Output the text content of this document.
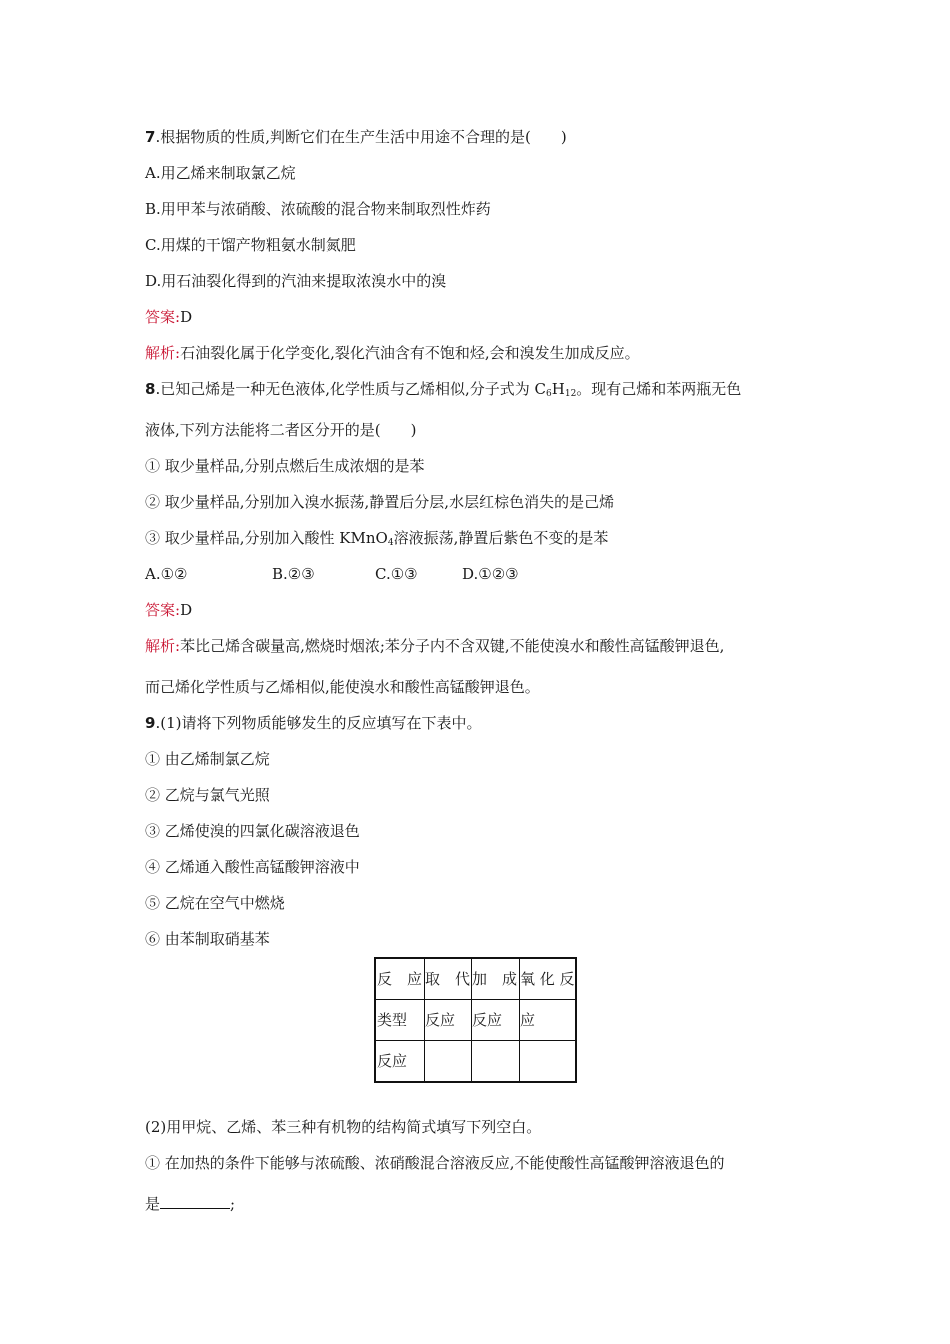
7.根据物质的性质,判断它们在生产生活中用途不合理的是(　　)
A.用乙烯来制取氯乙烷
B.用甲苯与浓硝酸、浓硫酸的混合物来制取烈性炸药
C.用煤的干馏产物粗氨水制氮肥
D.用石油裂化得到的汽油来提取浓溴水中的溴
答案:D
解析:石油裂化属于化学变化,裂化汽油含有不饱和烃,会和溴发生加成反应。
8.已知己烯是一种无色液体,化学性质与乙烯相似,分子式为 $C_6H_{12}$。现有己烯和苯两瓶无色
液体,下列方法能将二者区分开的是(　　)
① 取少量样品,分别点燃后生成浓烟的是苯
② 取少量样品,分别加入溴水振荡,静置后分层,水层红棕色消失的是己烯
③ 取少量样品,分别加入酸性 KMnO$_4$溶液振荡,静置后紫色不变的是苯
A.①②	B.②③	C.①③	D.①②③
答案:D
解析:苯比己烯含碳量高,燃烧时烟浓;苯分子内不含双键,不能使溴水和酸性高锰酸钾退色,
而己烯化学性质与乙烯相似,能使溴水和酸性高锰酸钾退色。
9.(1)请将下列物质能够发生的反应填写在下表中。
① 由乙烯制氯乙烷
② 乙烷与氯气光照
③ 乙烯使溴的四氯化碳溶液退色
④ 乙烯通入酸性高锰酸钾溶液中
⑤ 乙烷在空气中燃烧
⑥ 由苯制取硝基苯
反　应	取　代	加　成	氧 化 反

类型	反应	反应	应

反应			

(2)用甲烷、乙烯、苯三种有机物的结构简式填写下列空白。
① 在加热的条件下能够与浓硫酸、浓硝酸混合溶液反应,不能使酸性高锰酸钾溶液退色的
是	;
